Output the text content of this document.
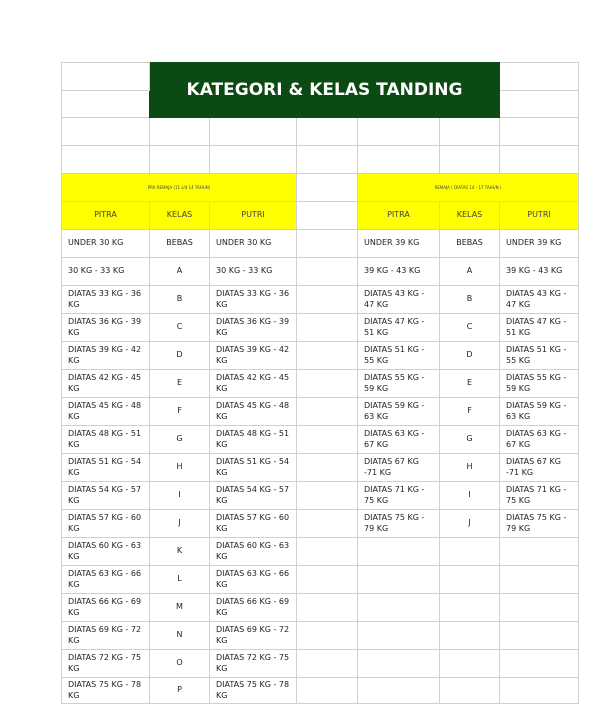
	KATEGORI & KELAS TANDING					

PRA REMAJA (11 s/d 14 TAHUN)				REMAJA ( DIATAS 14 - 17 TAHUN )		
PITRA	KELAS	PUTRI		PITRA	KELAS	PUTRI
UNDER 30 KG	BEBAS	UNDER 30 KG		UNDER 39 KG	BEBAS	UNDER 39 KG
30 KG - 33 KG	A	30 KG - 33 KG		39 KG - 43 KG	A	39 KG - 43 KG
DIATAS 33 KG - 36 KG	B	DIATAS 33 KG - 36 KG		DIATAS 43 KG - 47 KG	B	DIATAS 43 KG - 47 KG
DIATAS 36 KG - 39 KG	C	DIATAS 36 KG - 39 KG		DIATAS 47 KG - 51 KG	C	DIATAS 47 KG - 51 KG
DIATAS 39 KG - 42 KG	D	DIATAS 39 KG - 42 KG		DIATAS 51 KG - 55 KG	D	DIATAS 51 KG - 55 KG
DIATAS 42 KG - 45 KG	E	DIATAS 42 KG - 45 KG		DIATAS 55 KG - 59 KG	E	DIATAS 55 KG - 59 KG
DIATAS 45 KG - 48 KG	F	DIATAS 45 KG - 48 KG		DIATAS 59 KG - 63 KG	F	DIATAS 59 KG - 63 KG
DIATAS 48 KG - 51 KG	G	DIATAS 48 KG - 51 KG		DIATAS 63 KG - 67 KG	G	DIATAS 63 KG - 67 KG
DIATAS 51 KG - 54 KG	H	DIATAS 51 KG - 54 KG		DIATAS 67 KG -71 KG	H	DIATAS 67 KG -71 KG
DIATAS 54 KG - 57 KG	I	DIATAS 54 KG - 57 KG		DIATAS 71 KG - 75 KG	I	DIATAS 71 KG - 75 KG
DIATAS 57 KG - 60 KG	J	DIATAS 57 KG - 60 KG		DIATAS 75 KG - 79 KG	J	DIATAS 75 KG - 79 KG
DIATAS 60 KG - 63 KG	K	DIATAS 60 KG - 63 KG				
DIATAS 63 KG - 66 KG	L	DIATAS 63 KG - 66 KG				
DIATAS 66 KG - 69 KG	M	DIATAS 66 KG - 69 KG				
DIATAS 69 KG - 72 KG	N	DIATAS 69 KG - 72 KG				
DIATAS 72 KG - 75 KG	O	DIATAS 72 KG - 75 KG				
DIATAS 75 KG - 78 KG	P	DIATAS 75 KG - 78 KG				
